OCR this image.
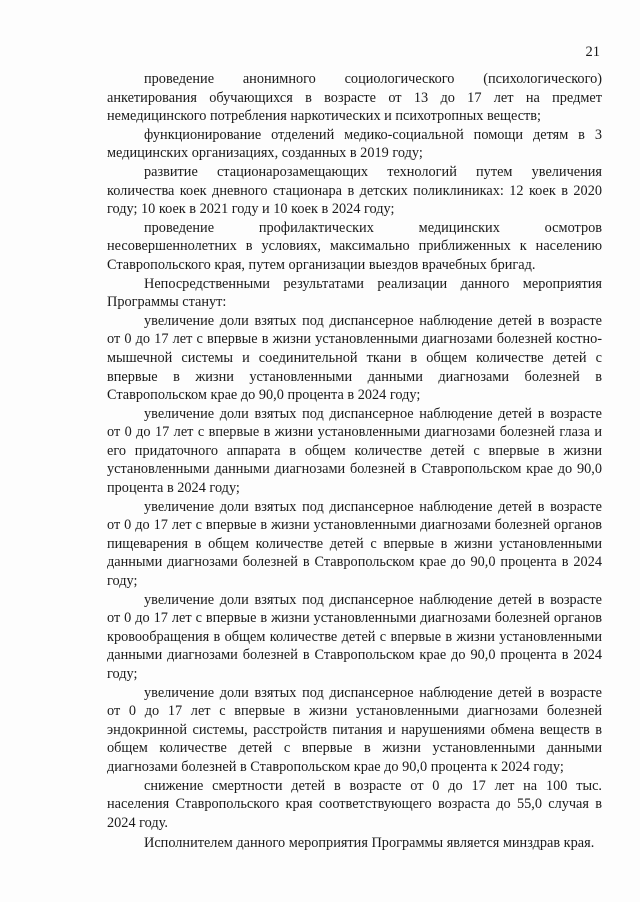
21

проведение анонимного социологического (психологического) анкетирования обучающихся в возрасте от 13 до 17 лет на предмет немедицинского потребления наркотических и психотропных веществ;

функционирование отделений медико-социальной помощи детям в 3 медицинских организациях, созданных в 2019 году;

развитие стационарозамещающих технологий путем увеличения количества коек дневного стационара в детских поликлиниках: 12 коек в 2020 году; 10 коек в 2021 году и 10 коек в 2024 году;

проведение профилактических медицинских осмотров несовершеннолетних в условиях, максимально приближенных к населению Ставропольского края, путем организации выездов врачебных бригад.

Непосредственными результатами реализации данного мероприятия Программы станут:

увеличение доли взятых под диспансерное наблюдение детей в возрасте от 0 до 17 лет с впервые в жизни установленными диагнозами болезней костно-мышечной системы и соединительной ткани в общем количестве детей с впервые в жизни установленными данными диагнозами болезней в Ставропольском крае до 90,0 процента в 2024 году;

увеличение доли взятых под диспансерное наблюдение детей в возрасте от 0 до 17 лет с впервые в жизни установленными диагнозами болезней глаза и его придаточного аппарата в общем количестве детей с впервые в жизни установленными данными диагнозами болезней в Ставропольском крае до 90,0 процента в 2024 году;

увеличение доли взятых под диспансерное наблюдение детей в возрасте от 0 до 17 лет с впервые в жизни установленными диагнозами болезней органов пищеварения в общем количестве детей с впервые в жизни установленными данными диагнозами болезней в Ставропольском крае до 90,0 процента в 2024 году;

увеличение доли взятых под диспансерное наблюдение детей в возрасте от 0 до 17 лет с впервые в жизни установленными диагнозами болезней органов кровообращения в общем количестве детей с впервые в жизни установленными данными диагнозами болезней в Ставропольском крае до 90,0 процента в 2024 году;

увеличение доли взятых под диспансерное наблюдение детей в возрасте от 0 до 17 лет с впервые в жизни установленными диагнозами болезней эндокринной системы, расстройств питания и нарушениями обмена веществ в общем количестве детей с впервые в жизни установленными данными диагнозами болезней в Ставропольском крае до 90,0 процента к 2024 году;

снижение смертности детей в возрасте от 0 до 17 лет на 100 тыс. населения Ставропольского края соответствующего возраста до 55,0 случая в 2024 году.

Исполнителем данного мероприятия Программы является минздрав края.
